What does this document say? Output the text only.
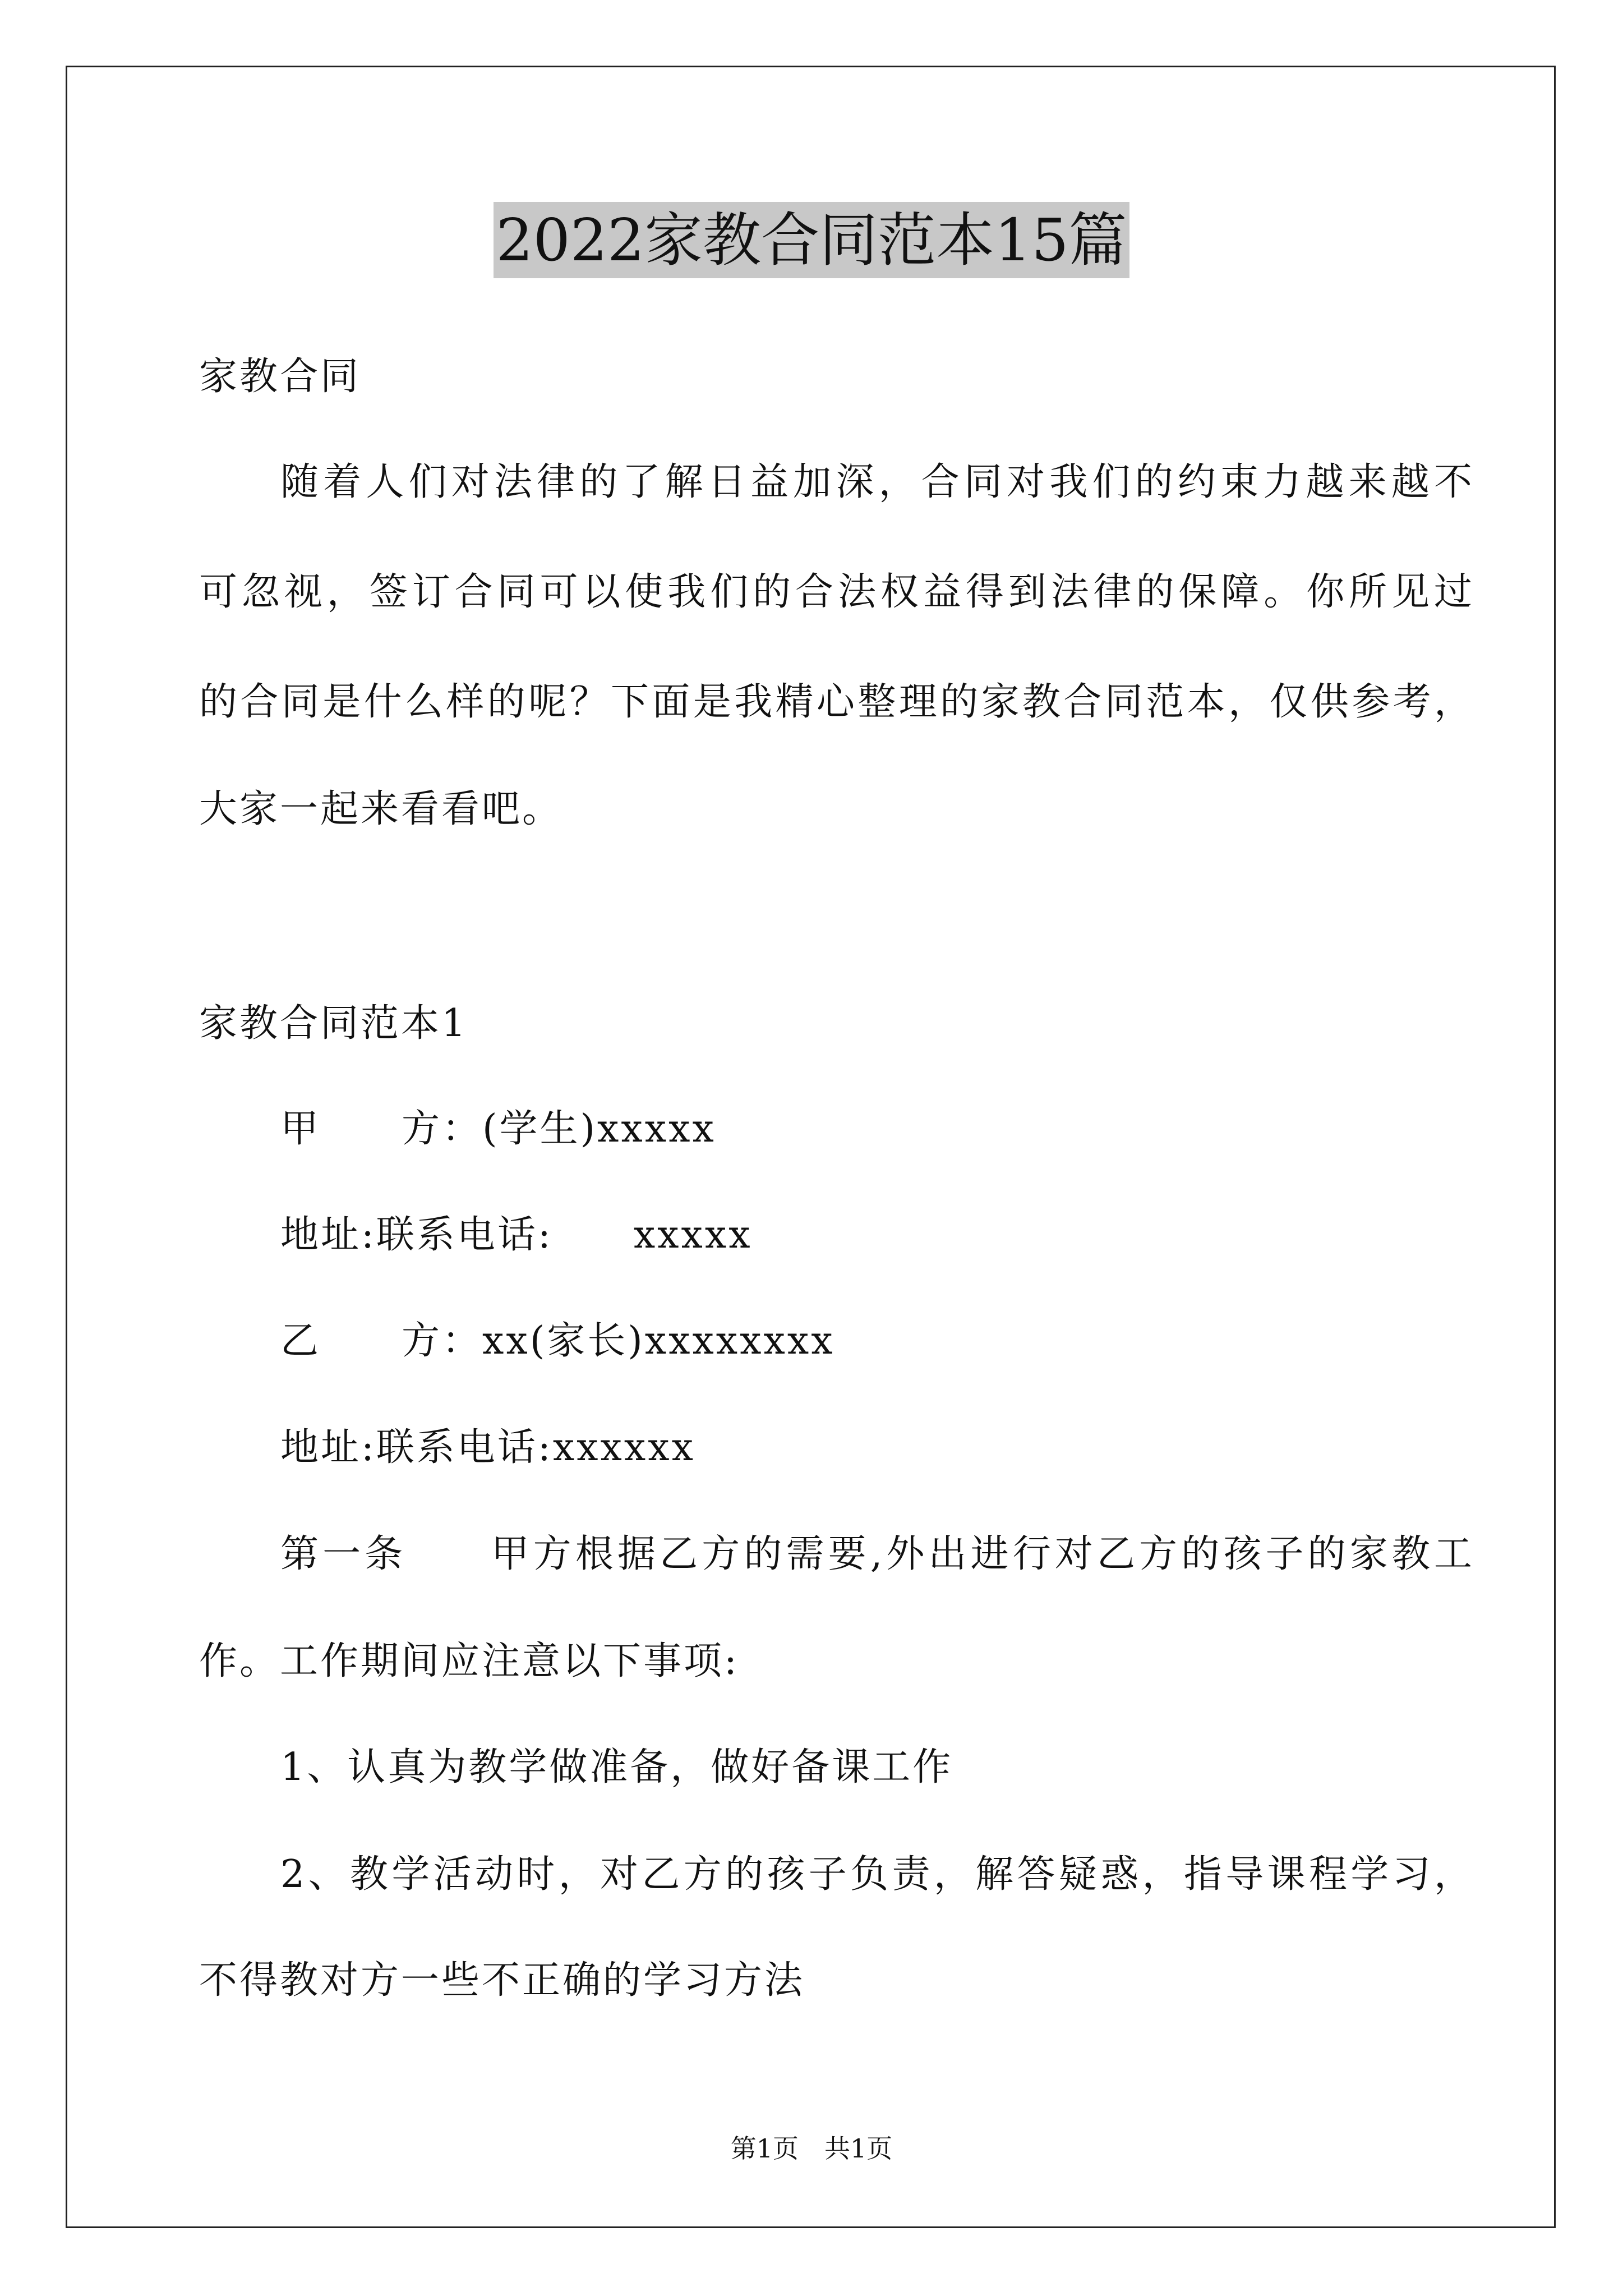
2022家教合同范本15篇
家教合同
随着人们对法律的了解日益加深，合同对我们的约束力越来越不
可忽视，签订合同可以使我们的合法权益得到法律的保障。你所见过
的合同是什么样的呢？下面是我精心整理的家教合同范本，仅供参考，
大家一起来看看吧。
家教合同范本1
甲　　方：(学生)xxxxx
地址:联系电话:　　xxxxx
乙　　方：xx(家长)xxxxxxxx
地址:联系电话:xxxxxx
第一条　　甲方根据乙方的需要,外出进行对乙方的孩子的家教工
作。工作期间应注意以下事项:
1、认真为教学做准备，做好备课工作
2、教学活动时，对乙方的孩子负责，解答疑惑，指导课程学习，
不得教对方一些不正确的学习方法
第1页　共1页
